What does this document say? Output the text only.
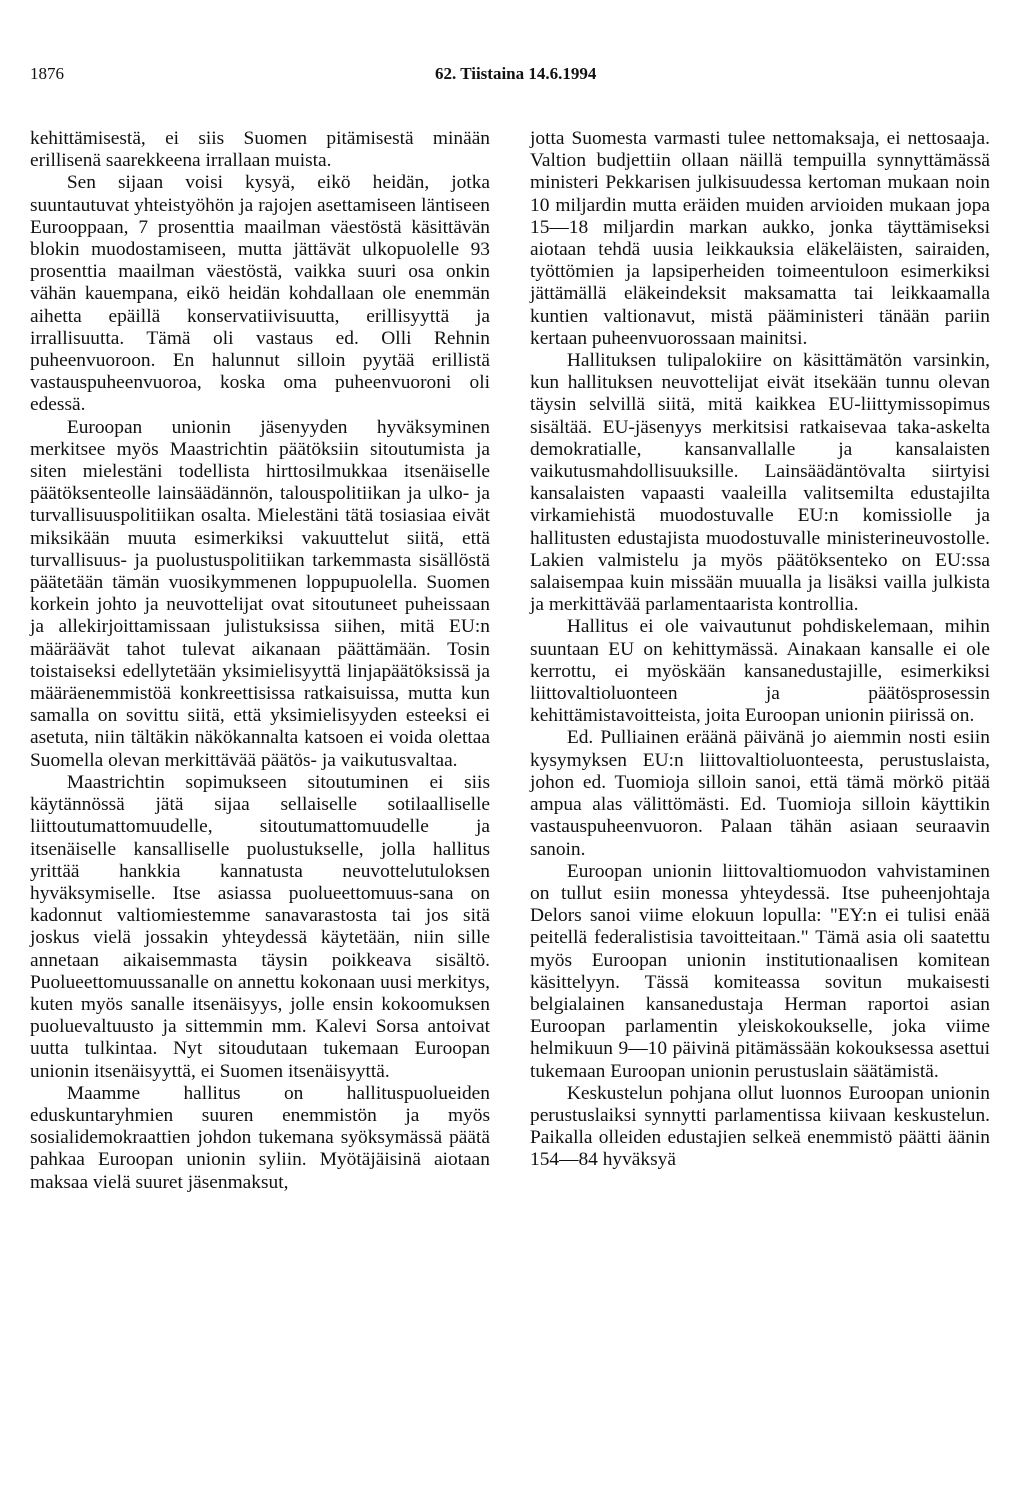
1876	62. Tiistaina 14.6.1994

kehittämisestä, ei siis Suomen pitämisestä minään erillisenä saarekkeena irrallaan muista.

Sen sijaan voisi kysyä, eikö heidän, jotka suuntautuvat yhteistyöhön ja rajojen asettamiseen läntiseen Eurooppaan, 7 prosenttia maailman väestöstä käsittävän blokin muodostamiseen, mutta jättävät ulkopuolelle 93 prosenttia maailman väestöstä, vaikka suuri osa onkin vähän kauempana, eikö heidän kohdallaan ole enemmän aihetta epäillä konservatiivisuutta, erillisyyttä ja irrallisuutta. Tämä oli vastaus ed. Olli Rehnin puheenvuoroon. En halunnut silloin pyytää erillistä vastauspuheenvuoroa, koska oma puheenvuoroni oli edessä.

Euroopan unionin jäsenyyden hyväksyminen merkitsee myös Maastrichtin päätöksiin sitoutumista ja siten mielestäni todellista hirttosilmukkaa itsenäiselle päätöksenteolle lainsäädännön, talouspolitiikan ja ulko- ja turvallisuuspolitiikan osalta. Mielestäni tätä tosiasiaa eivät miksikään muuta esimerkiksi vakuuttelut siitä, että turvallisuus- ja puolustuspolitiikan tarkemmasta sisällöstä päätetään tämän vuosikymmenen loppupuolella. Suomen korkein johto ja neuvottelijat ovat sitoutuneet puheissaan ja allekirjoittamissaan julistuksissa siihen, mitä EU:n määräävät tahot tulevat aikanaan päättämään. Tosin toistaiseksi edellytetään yksimielisyyttä linjapäätöksissä ja määräenemmistöä konkreettisissa ratkaisuissa, mutta kun samalla on sovittu siitä, että yksimielisyyden esteeksi ei asetuta, niin tältäkin näkökannalta katsoen ei voida olettaa Suomella olevan merkittävää päätös- ja vaikutusvaltaa.

Maastrichtin sopimukseen sitoutuminen ei siis käytännössä jätä sijaa sellaiselle sotilaalliselle liittoutumattomuudelle, sitoutumattomuudelle ja itsenäiselle kansalliselle puolustukselle, jolla hallitus yrittää hankkia kannatusta neuvottelutuloksen hyväksymiselle. Itse asiassa puolueettomuus-sana on kadonnut valtiomiestemme sanavarastosta tai jos sitä joskus vielä jossakin yhteydessä käytetään, niin sille annetaan aikaisemmasta täysin poikkeava sisältö. Puolueettomuussanalle on annettu kokonaan uusi merkitys, kuten myös sanalle itsenäisyys, jolle ensin kokoomuksen puoluevaltuusto ja sittemmin mm. Kalevi Sorsa antoivat uutta tulkintaa. Nyt sitoudutaan tukemaan Euroopan unionin itsenäisyyttä, ei Suomen itsenäisyyttä.

Maamme hallitus on hallituspuolueiden eduskuntaryhmien suuren enemmistön ja myös sosialidemokraattien johdon tukemana syöksymässä päätä pahkaa Euroopan unionin syliin. Myötäjäisinä aiotaan maksaa vielä suuret jäsenmaksut,

jotta Suomesta varmasti tulee nettomaksaja, ei nettosaaja. Valtion budjettiin ollaan näillä tempuilla synnyttämässä ministeri Pekkarisen julkisuudessa kertoman mukaan noin 10 miljardin mutta eräiden muiden arvioiden mukaan jopa 15—18 miljardin markan aukko, jonka täyttämiseksi aiotaan tehdä uusia leikkauksia eläkeläisten, sairaiden, työttömien ja lapsiperheiden toimeentuloon esimerkiksi jättämällä eläkeindeksit maksamatta tai leikkaamalla kuntien valtionavut, mistä pääministeri tänään pariin kertaan puheenvuorossaan mainitsi.

Hallituksen tulipalokiire on käsittämätön varsinkin, kun hallituksen neuvottelijat eivät itsekään tunnu olevan täysin selvillä siitä, mitä kaikkea EU-liittymissopimus sisältää. EU-jäsenyys merkitsisi ratkaisevaa taka-askelta demokratialle, kansanvallalle ja kansalaisten vaikutusmahdollisuuksille. Lainsäädäntövalta siirtyisi kansalaisten vapaasti vaaleilla valitsemilta edustajilta virkamiehistä muodostuvalle EU:n komissiolle ja hallitusten edustajista muodostuvalle ministerineuvostolle. Lakien valmistelu ja myös päätöksenteko on EU:ssa salaisempaa kuin missään muualla ja lisäksi vailla julkista ja merkittävää parlamentaarista kontrollia.

Hallitus ei ole vaivautunut pohdiskelemaan, mihin suuntaan EU on kehittymässä. Ainakaan kansalle ei ole kerrottu, ei myöskään kansanedustajille, esimerkiksi liittovaltioluonteen ja päätösprosessin kehittämistavoitteista, joita Euroopan unionin piirissä on.

Ed. Pulliainen eräänä päivänä jo aiemmin nosti esiin kysymyksen EU:n liittovaltioluonteesta, perustuslaista, johon ed. Tuomioja silloin sanoi, että tämä mörkö pitää ampua alas välittömästi. Ed. Tuomioja silloin käyttikin vastauspuheenvuoron. Palaan tähän asiaan seuraavin sanoin.

Euroopan unionin liittovaltiomuodon vahvistaminen on tullut esiin monessa yhteydessä. Itse puheenjohtaja Delors sanoi viime elokuun lopulla: "EY:n ei tulisi enää peitellä federalistisia tavoitteitaan." Tämä asia oli saatettu myös Euroopan unionin institutionaalisen komitean käsittelyyn. Tässä komiteassa sovitun mukaisesti belgialainen kansanedustaja Herman raportoi asian Euroopan parlamentin yleiskokoukselle, joka viime helmikuun 9—10 päivinä pitämässään kokouksessa asettui tukemaan Euroopan unionin perustuslain säätämistä.

Keskustelun pohjana ollut luonnos Euroopan unionin perustuslaiksi synnytti parlamentissa kiivaan keskustelun. Paikalla olleiden edustajien selkeä enemmistö päätti äänin 154—84 hyväksyä
